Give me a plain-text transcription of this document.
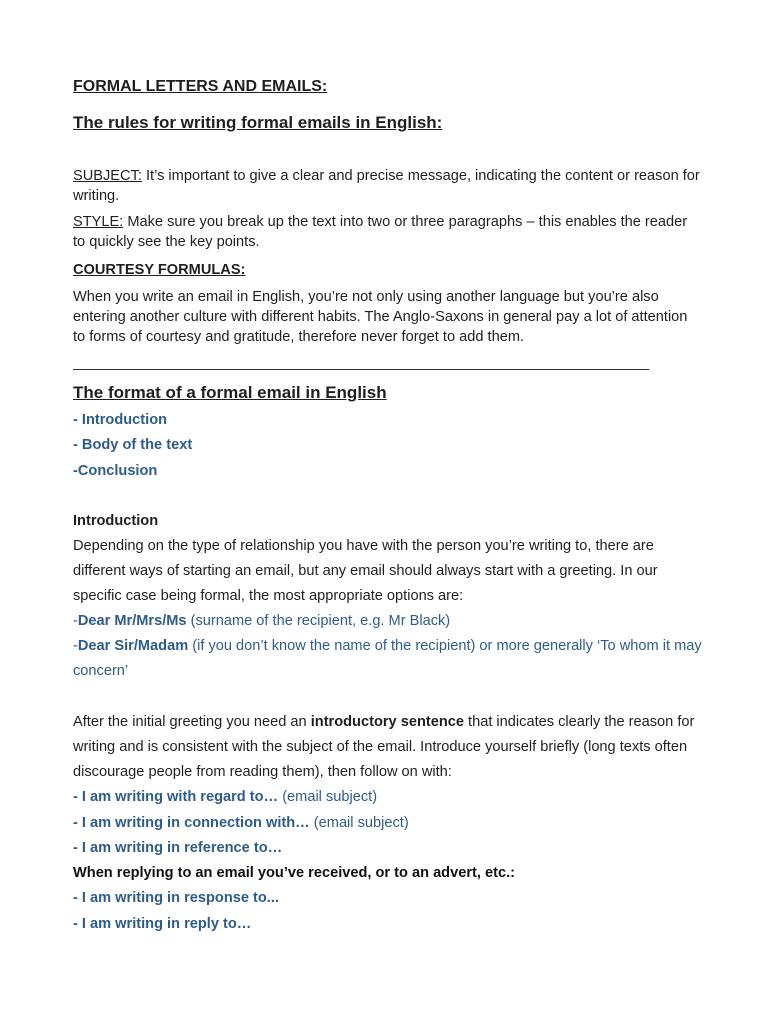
FORMAL LETTERS AND EMAILS:
The rules for writing formal emails in English:

SUBJECT: It’s important to give a clear and precise message, indicating the content or reason for writing.

STYLE: Make sure you break up the text into two or three paragraphs – this enables the reader to quickly see the key points.

COURTESY FORMULAS:

When you write an email in English, you’re not only using another language but you’re also entering another culture with different habits. The Anglo-Saxons in general pay a lot of attention to forms of courtesy and gratitude, therefore never forget to add them.

_______________________________________________________________________
The format of a formal email in English
- Introduction
- Body of the text
-Conclusion
Introduction

Depending on the type of relationship you have with the person you’re writing to, there are different ways of starting an email, but any email should always start with a greeting. In our specific case being formal, the most appropriate options are:

-Dear Mr/Mrs/Ms (surname of the recipient, e.g. Mr Black)
-Dear Sir/Madam (if you don’t know the name of the recipient) or more generally ‘To whom it may concern’

After the initial greeting you need an introductory sentence that indicates clearly the reason for writing and is consistent with the subject of the email. Introduce yourself briefly (long texts often discourage people from reading them), then follow on with:

- I am writing with regard to… (email subject)
- I am writing in connection with… (email subject)
- I am writing in reference to…
When replying to an email you’ve received, or to an advert, etc.:
- I am writing in response to...
- I am writing in reply to…
